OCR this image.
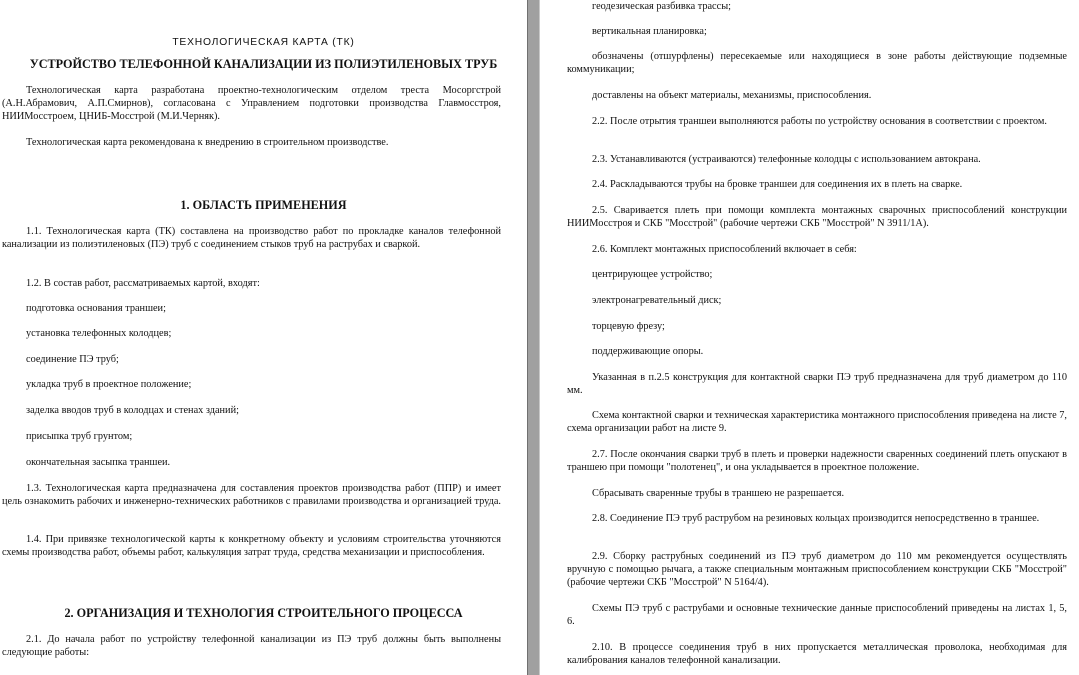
ТЕХНОЛОГИЧЕСКАЯ КАРТА (ТК)

УСТРОЙСТВО ТЕЛЕФОННОЙ КАНАЛИЗАЦИИ ИЗ ПОЛИЭТИЛЕНОВЫХ ТРУБ

Технологическая карта разработана проектно-технологическим отделом треста Мосоргстрой (А.Н.Абрамович, А.П.Смирнов), согласована с Управлением подготовки производства Главмосстроя, НИИМосстроем, ЦНИБ-Мосстрой (М.И.Черняк).

Технологическая карта рекомендована к внедрению в строительном производстве.

1. ОБЛАСТЬ ПРИМЕНЕНИЯ

1.1. Технологическая карта (ТК) составлена на производство работ по прокладке каналов телефонной канализации из полиэтиленовых (ПЭ) труб с соединением стыков труб на раструбах и сваркой.

1.2. В состав работ, рассматриваемых картой, входят:

подготовка основания траншеи;

установка телефонных колодцев;

соединение ПЭ труб;

укладка труб в проектное положение;

заделка вводов труб в колодцах и стенах зданий;

присыпка труб грунтом;

окончательная засыпка траншеи.

1.3. Технологическая карта предназначена для составления проектов производства работ (ППР) и имеет цель ознакомить рабочих и инженерно-технических работников с правилами производства и организацией труда.

1.4. При привязке технологической карты к конкретному объекту и условиям строительства уточняются схемы производства работ, объемы работ, калькуляция затрат труда, средства механизации и приспособления.

2. ОРГАНИЗАЦИЯ И ТЕХНОЛОГИЯ СТРОИТЕЛЬНОГО ПРОЦЕССА

2.1. До начала работ по устройству телефонной канализации из ПЭ труб должны быть выполнены следующие работы:

геодезическая разбивка трассы;

вертикальная планировка;

обозначены (отшурфлены) пересекаемые или находящиеся в зоне работы действующие подземные коммуникации;

доставлены на объект материалы, механизмы, приспособления.

2.2. После отрытия траншеи выполняются работы по устройству основания в соответствии с проектом.

2.3. Устанавливаются (устраиваются) телефонные колодцы с использованием автокрана.

2.4. Раскладываются трубы на бровке траншеи для соединения их в плеть на сварке.

2.5. Сваривается плеть при помощи комплекта монтажных сварочных приспособлений конструкции НИИМосстроя и СКБ "Мосстрой" (рабочие чертежи СКБ "Мосстрой" N 3911/1А).

2.6. Комплект монтажных приспособлений включает в себя:

центрирующее устройство;

электронагревательный диск;

торцевую фрезу;

поддерживающие опоры.

Указанная в п.2.5 конструкция для контактной сварки ПЭ труб предназначена для труб диаметром до 110 мм.

Схема контактной сварки и техническая характеристика монтажного приспособления приведена на листе 7, схема организации работ на листе 9.

2.7. После окончания сварки труб в плеть и проверки надежности сваренных соединений плеть опускают в траншею при помощи "полотенец", и она укладывается в проектное положение.

Сбрасывать сваренные трубы в траншею не разрешается.

2.8. Соединение ПЭ труб раструбом на резиновых кольцах производится непосредственно в траншее.

2.9. Сборку раструбных соединений из ПЭ труб диаметром до 110 мм рекомендуется осуществлять вручную с помощью рычага, а также специальным монтажным приспособлением конструкции СКБ "Мосстрой" (рабочие чертежи СКБ "Мосстрой" N 5164/4).

Схемы ПЭ труб с раструбами и основные технические данные приспособлений приведены на листах 1, 5, 6.

2.10. В процессе соединения труб в них пропускается металлическая проволока, необходимая для калибрования каналов телефонной канализации.
